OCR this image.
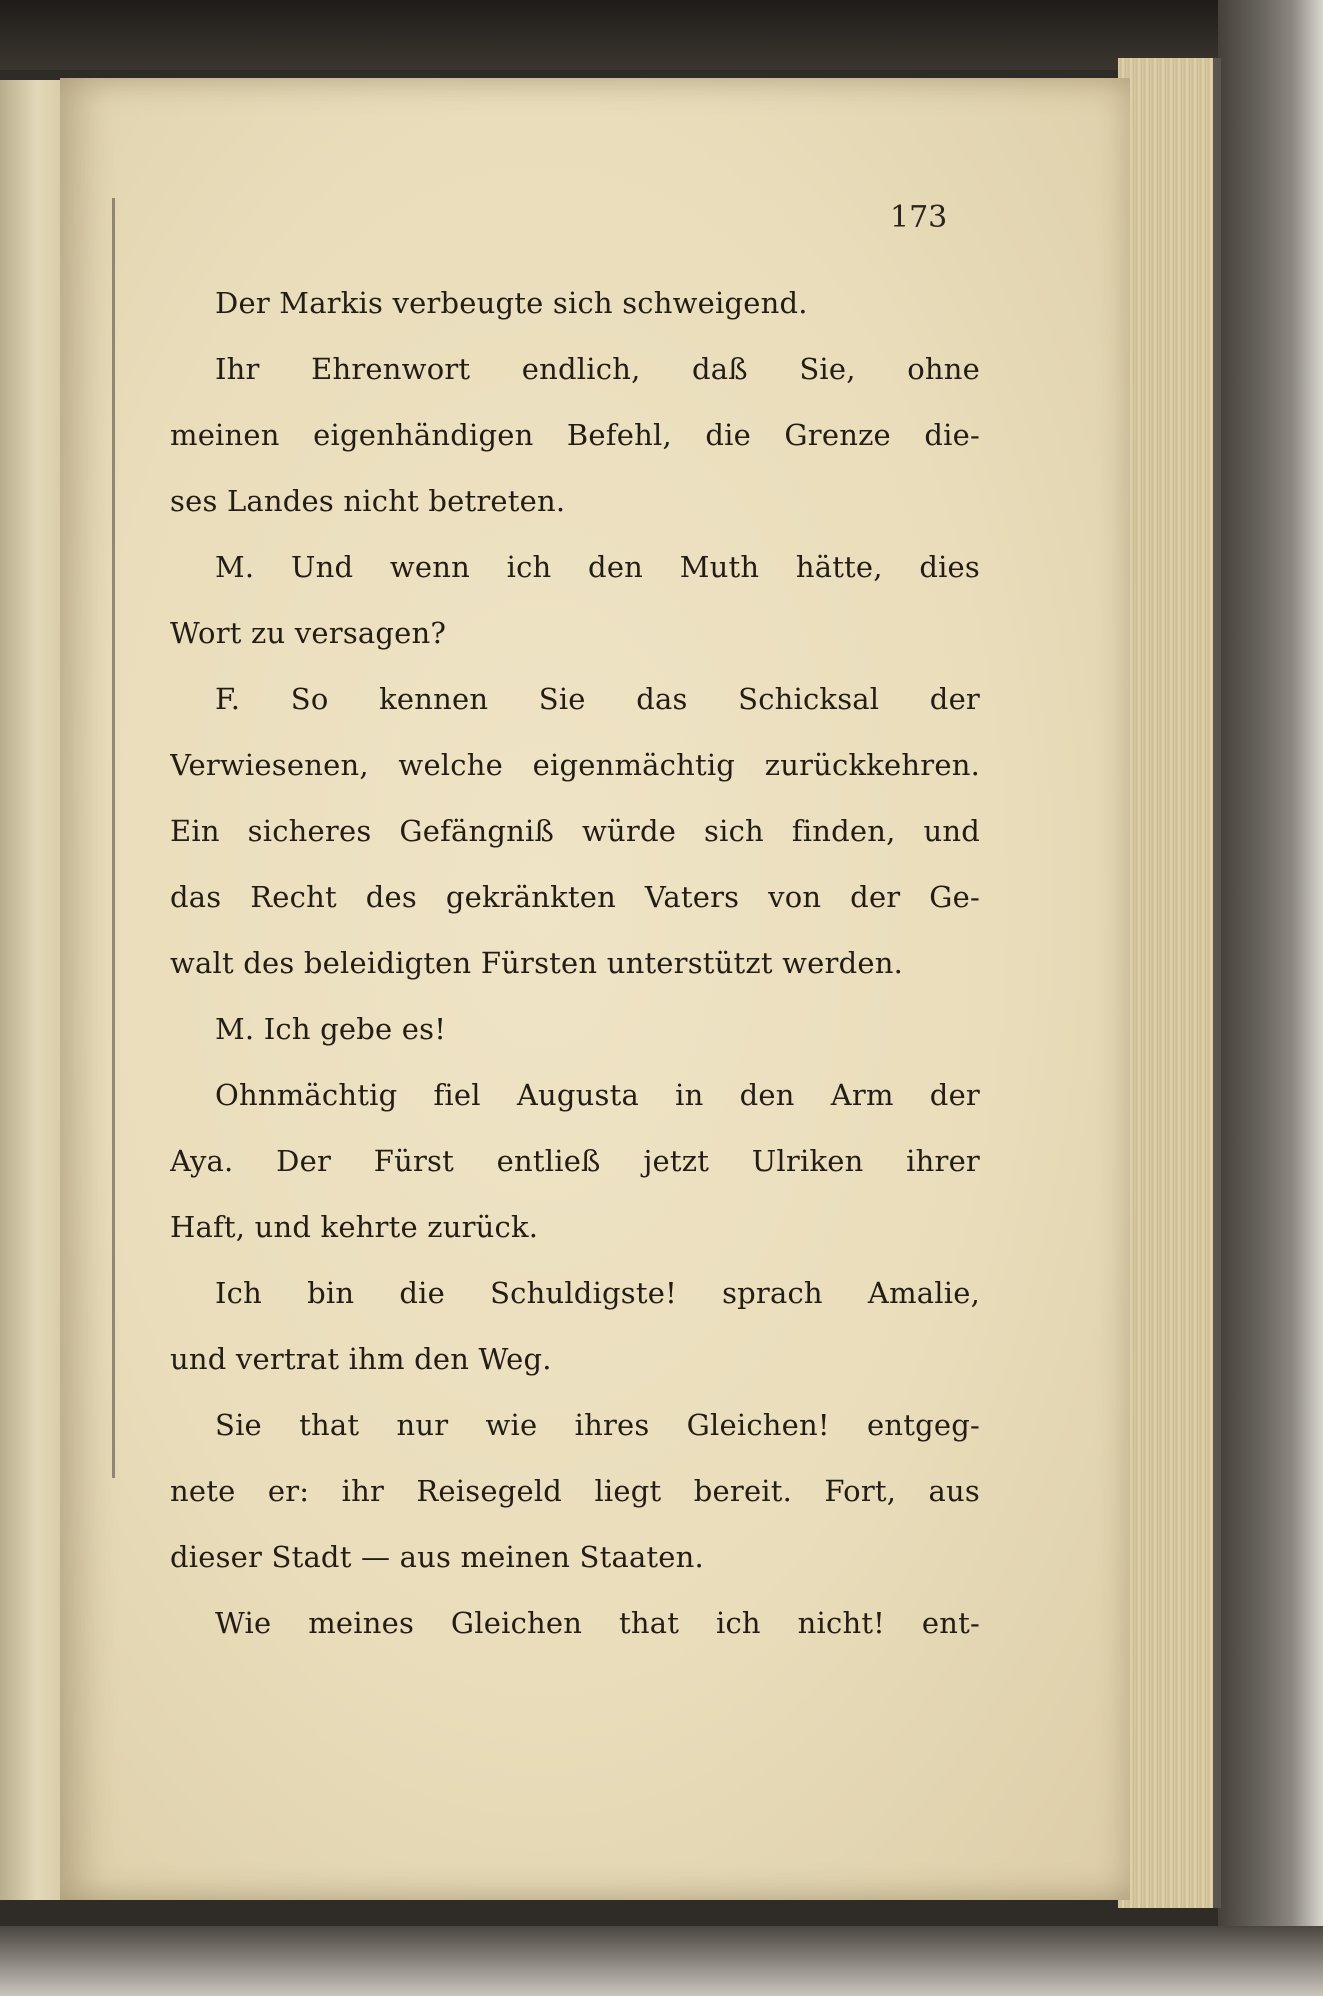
173
Der Markis verbeugte sich schweigend.
Ihr Ehrenwort endlich, daß Sie, ohne
meinen eigenhändigen Befehl, die Grenze die-
ses Landes nicht betreten.
M. Und wenn ich den Muth hätte, dies
Wort zu versagen?
F. So kennen Sie das Schicksal der
Verwiesenen, welche eigenmächtig zurückkehren.
Ein sicheres Gefängniß würde sich finden, und
das Recht des gekränkten Vaters von der Ge-
walt des beleidigten Fürsten unterstützt werden.
M. Ich gebe es!
Ohnmächtig fiel Augusta in den Arm der
Aya. Der Fürst entließ jetzt Ulriken ihrer
Haft, und kehrte zurück.
Ich bin die Schuldigste! sprach Amalie,
und vertrat ihm den Weg.
Sie that nur wie ihres Gleichen! entgeg-
nete er: ihr Reisegeld liegt bereit. Fort, aus
dieser Stadt — aus meinen Staaten.
Wie meines Gleichen that ich nicht! ent-
